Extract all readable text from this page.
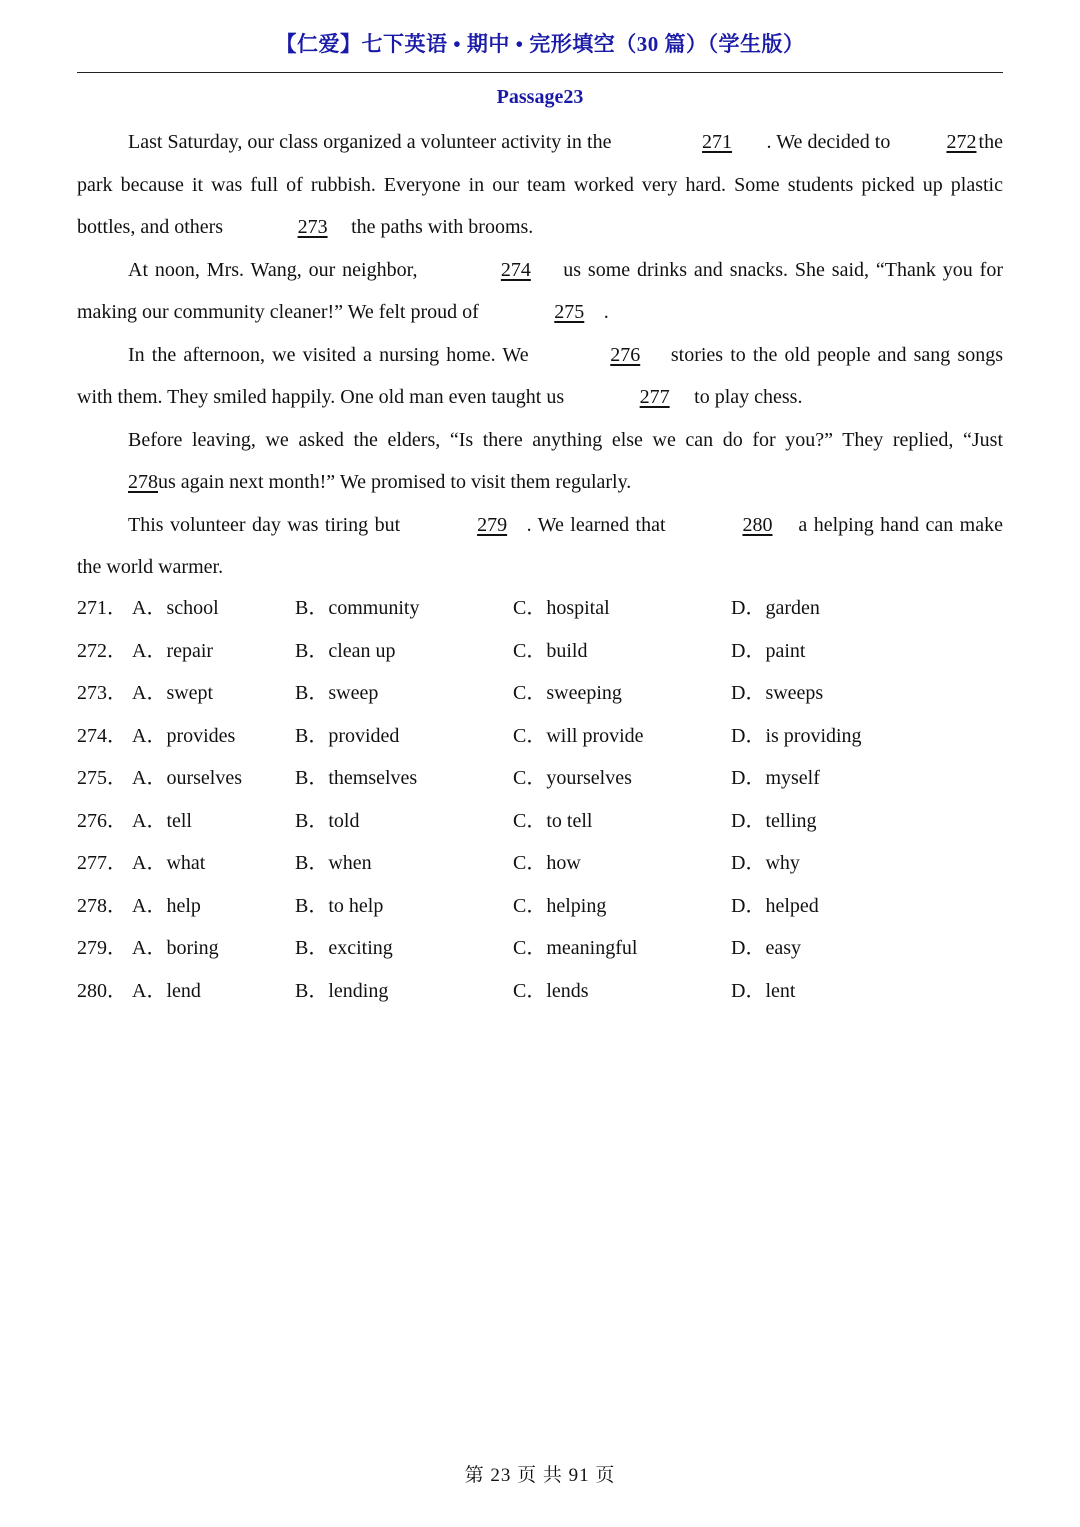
【仁爱】七下英语 • 期中 • 完形填空（30 篇）（学生版）
Passage23

Last Saturday, our class organized a volunteer activity in the	271 . We decided to	272 the park because it was full of rubbish. Everyone in our team worked very hard. Some students picked up plastic bottles, and others	273 the paths with brooms.

At noon, Mrs. Wang, our neighbor,	274 us some drinks and snacks. She said, “Thank you for making our community cleaner!” We felt proud of	275 .

In the afternoon, we visited a nursing home. We	276 stories to the old people and sang songs with them. They smiled happily. One old man even taught us	277 to play chess.

Before leaving, we asked the elders, “Is there anything else we can do for you?” They replied, “Just 278 us again next month!” We promised to visit them regularly.

This volunteer day was tiring but	279 . We learned that	280 a helping hand can make the world warmer.

271． A．school	B．community	C．hospital	D．garden
272． A．repair	B．clean up	C．build	D．paint
273． A．swept	B．sweep	C．sweeping	D．sweeps
274． A．provides	B．provided	C．will provide	D．is providing
275． A．ourselves	B．themselves	C．yourselves	D．myself
276． A．tell	B．told	C．to tell	D．telling
277． A．what	B．when	C．how	D．why
278． A．help	B．to help	C．helping	D．helped
279． A．boring	B．exciting	C．meaningful	D．easy
280． A．lend	B．lending	C．lends	D．lent
第 23 页 共 91 页
